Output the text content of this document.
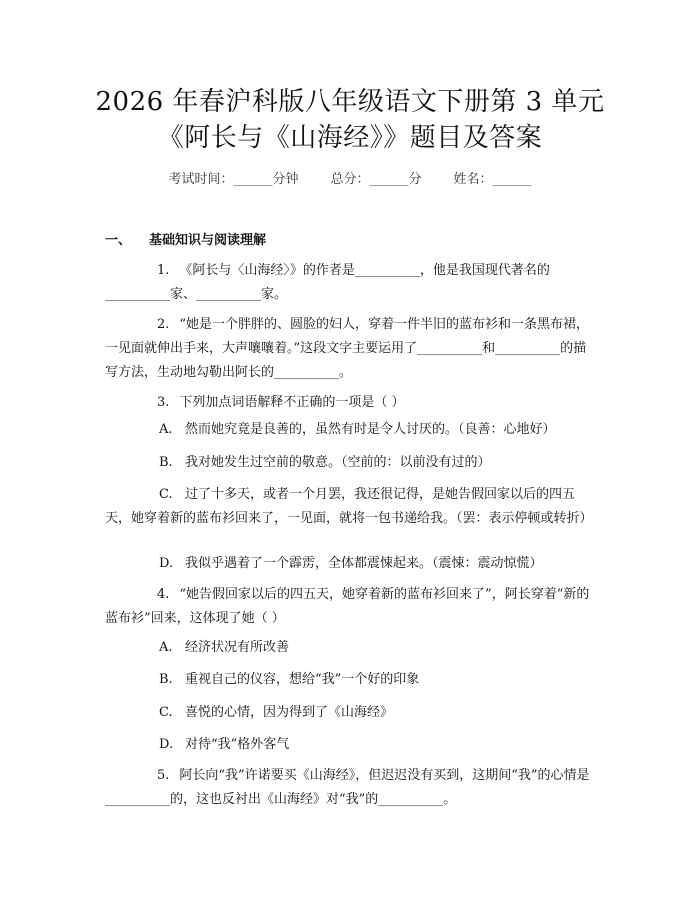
2026 年春沪科版八年级语文下册第 3 单元
《阿长与《山海经》》题目及答案
考试时间：______分钟 总分：______分 姓名：______
一、 基础知识与阅读理解
1. 《阿长与〈山海经〉》的作者是__________，他是我国现代著名的__________家、__________家。
2. “她是一个胖胖的、圆脸的妇人，穿着一件半旧的蓝布衫和一条黑布裙，一见面就伸出手来，大声嚷嚷着。”这段文字主要运用了__________和__________的描写方法，生动地勾勒出阿长的__________。
3. 下列加点词语解释不正确的一项是（ ）
A. 然而她究竟是良善的，虽然有时是令人讨厌的。（良善：心地好）
B. 我对她发生过空前的敬意。（空前的：以前没有过的）
C. 过了十多天，或者一个月罢，我还很记得，是她告假回家以后的四五天，她穿着新的蓝布衫回来了，一见面，就将一包书递给我。（罢：表示停顿或转折）
D. 我似乎遇着了一个霹雳，全体都震悚起来。（震悚：震动惊慌）
4. “她告假回家以后的四五天，她穿着新的蓝布衫回来了”，阿长穿着“新的蓝布衫”回来，这体现了她（ ）
A. 经济状况有所改善
B. 重视自己的仪容，想给“我”一个好的印象
C. 喜悦的心情，因为得到了《山海经》
D. 对待“我”格外客气
5. 阿长向“我”许诺要买《山海经》，但迟迟没有买到，这期间“我”的心情是__________的，这也反衬出《山海经》对“我”的__________。
